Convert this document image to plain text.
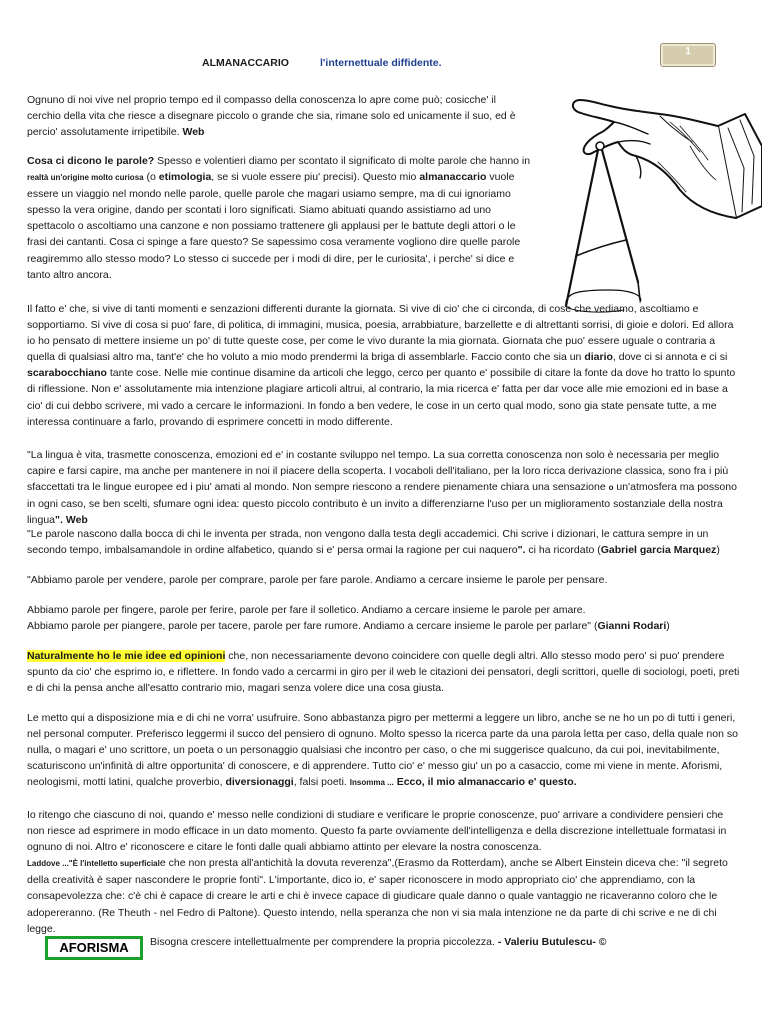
1
ALMANACCARIO	l'internettuale diffidente.

Ognuno di noi vive nel proprio tempo ed il compasso della conoscenza lo apre come può; cosicche' il cerchio della vita che riesce a disegnare piccolo o grande che sia, rimane solo ed unicamente il suo, ed è percio' assolutamente irripetibile. Web

Cosa ci dicono le parole? Spesso e volentieri diamo per scontato il significato di molte parole che hanno in realtà un'origine molto curiosa (o etimologia, se si vuole essere piu' precisi). Questo mio almanaccario vuole essere un viaggio nel mondo nelle parole, quelle parole che magari usiamo sempre, ma di cui ignoriamo spesso la vera origine, dando per scontati i loro significati. Siamo abituati quando assistiamo ad uno spettacolo o ascoltiamo una canzone e non possiamo trattenere gli applausi per le battute degli attori o le frasi dei cantanti. Cosa ci spinge a fare questo? Se sapessimo cosa veramente vogliono dire quelle parole reagiremmo allo stesso modo? Lo stesso ci succede per i modi di dire, per le curiosita', i perche' si dice e tanto altro ancora.

Il fatto e' che, si vive di tanti momenti e senzazioni differenti durante la giornata. Si vive di cio' che ci circonda, di cose che vediamo, ascoltiamo e sopportiamo. Si vive di cosa si puo' fare, di politica, di immagini, musica, poesia, arrabbiature, barzellette e di altrettanti sorrisi, di gioie e dolori. Ed allora io ho pensato di mettere insieme un po' di tutte queste cose, per come le vivo durante la mia giornata. Giornata che puo' essere uguale o contraria a quella di qualsiasi altro ma, tant'e' che ho voluto a mio modo prendermi la briga di assemblarle. Faccio conto che sia un diario, dove ci si annota e ci si scarabocchiano tante cose. Nelle mie continue disamine da articoli che leggo, cerco per quanto e' possibile di citare la fonte da dove ho tratto lo spunto di riflessione. Non e' assolutamente mia intenzione plagiare articoli altrui, al contrario, la mia ricerca e' fatta per dar voce alle mie emozioni ed in base a cio' di cui debbo scrivere, mi vado a cercare le informazioni. In fondo a ben vedere, le cose in un certo qual modo, sono gia state pensate tutte, a me interessa continuare a farlo, provando di esprimere concetti in modo differente.

"La lingua è vita, trasmette conoscenza, emozioni ed e' in costante sviluppo nel tempo. La sua corretta conoscenza non solo è necessaria per meglio capire e farsi capire, ma anche per mantenere in noi il piacere della scoperta. I vocaboli dell'italiano, per la loro ricca derivazione classica, sono fra i più sfaccettati tra le lingue europee ed i piu' amati al mondo. Non sempre riescono a rendere pienamente chiara una sensazione o un'atmosfera ma possono in ogni caso, se ben scelti, sfumare ogni idea: questo piccolo contributo è un invito a differenziarne l'uso per un miglioramento sostanziale della nostra lingua". Web

"Le parole nascono dalla bocca di chi le inventa per strada, non vengono dalla testa degli accademici. Chi scrive i dizionari, le cattura sempre in un secondo tempo, imbalsamandole in ordine alfabetico, quando si e' persa ormai la ragione per cui naquero". ci ha ricordato (Gabriel garcia Marquez)

"Abbiamo parole per vendere, parole per comprare, parole per fare parole. Andiamo a cercare insieme le parole per pensare.

Abbiamo parole per fingere, parole per ferire, parole per fare il solletico. Andiamo a cercare insieme le parole per amare.
Abbiamo parole per piangere, parole per tacere, parole per fare rumore. Andiamo a cercare insieme le parole per parlare" (Gianni Rodari)

Naturalmente ho le mie idee ed opinioni che, non necessariamente devono coincidere con quelle degli altri. Allo stesso modo pero' si puo' prendere spunto da cio' che esprimo io, e riflettere. In fondo vado a cercarmi in giro per il web le citazioni dei pensatori, degli scrittori, quelle di sociologi, poeti, preti e di chi la pensa anche all'esatto contrario mio, magari senza volere dice una cosa giusta.

Le metto qui a disposizione mia e di chi ne vorra' usufruire. Sono abbastanza pigro per mettermi a leggere un libro, anche se ne ho un po di tutti i generi, nel personal computer. Preferisco leggermi il succo del pensiero di ognuno. Molto spesso la ricerca parte da una parola letta per caso, della quale non so nulla, o magari e' uno scrittore, un poeta o un personaggio qualsiasi che incontro per caso, o che mi suggerisce qualcuno, da cui poi, inevitabilmente, scaturiscono un'infinità di altre opportunita' di conoscere, e di apprendere. Tutto cio' e' messo giu' un po a casaccio, come mi viene in mente. Aforismi, neologismi, motti latini, qualche proverbio, diversionaggi, falsi poeti. Insomma ... Ecco, il mio almanaccario e' questo.

Io ritengo che ciascuno di noi, quando e' messo nelle condizioni di studiare e verificare le proprie conoscenze, puo' arrivare a condividere pensieri che non riesce ad esprimere in modo efficace in un dato momento. Questo fa parte ovviamente dell'intelligenza e della discrezione intellettuale formatasi in ognuno di noi. Altro e' riconoscere e citare le fonti dalle quali abbiamo attinto per elevare la nostra conoscenza.
Laddove ..."È l'intelletto superficiale che non presta all'antichità la dovuta reverenza",(Erasmo da Rotterdam), anche se Albert Einstein diceva che: "il segreto della creatività è saper nascondere le proprie fonti". L'importante, dico io, e' saper riconoscere in modo appropriato cio' che apprendiamo, con la consapevolezza che: c'è chi è capace di creare le arti e chi è invece capace di giudicare quale danno o quale vantaggio ne ricaveranno coloro che le adopereranno. (Re Theuth - nel Fedro di Paltone). Questo intendo, nella speranza che non vi sia mala intenzione ne da parte di chi scrive e ne di chi legge.

AFORISMA	Bisogna crescere intellettualmente per comprendere la propria piccolezza. - Valeriu Butulescu- ©
